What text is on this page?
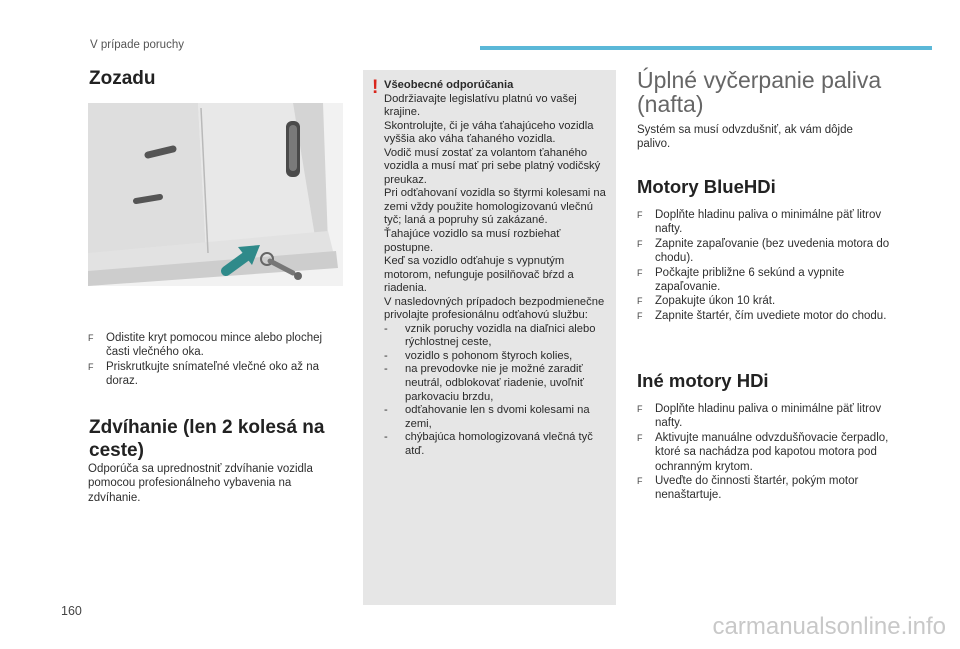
V prípade poruchy
Zozadu
F Odistite kryt pomocou mince alebo plochej časti vlečného oka.
F Priskrutkujte snímateľné vlečné oko až na doraz.
Zdvíhanie (len 2 kolesá na ceste)
Odporúča sa uprednostniť zdvíhanie vozidla pomocou profesionálneho vybavenia na zdvíhanie.
! Všeobecné odporúčania
Dodržiavajte legislatívu platnú vo vašej krajine.
Skontrolujte, či je váha ťahajúceho vozidla vyššia ako váha ťahaného vozidla.
Vodič musí zostať za volantom ťahaného vozidla a musí mať pri sebe platný vodičský preukaz.
Pri odťahovaní vozidla so štyrmi kolesami na zemi vždy použite homologizovanú vlečnú tyč; laná a popruhy sú zakázané.
Ťahajúce vozidlo sa musí rozbiehať postupne.
Keď sa vozidlo odťahuje s vypnutým motorom, nefunguje posilňovač bŕzd a riadenia.
V nasledovných prípadoch bezpodmienečne privolajte profesionálnu odťahovú službu:
- vznik poruchy vozidla na diaľnici alebo rýchlostnej ceste,
- vozidlo s pohonom štyroch kolies,
- na prevodovke nie je možné zaradiť neutrál, odblokovať riadenie, uvoľniť parkovaciu brzdu,
- odťahovanie len s dvomi kolesami na zemi,
- chýbajúca homologizovaná vlečná tyč atď.
Úplné vyčerpanie paliva (nafta)
Systém sa musí odvzdušniť, ak vám dôjde palivo.
Motory BlueHDi
F Doplňte hladinu paliva o minimálne päť litrov nafty.
F Zapnite zapaľovanie (bez uvedenia motora do chodu).
F Počkajte približne 6 sekúnd a vypnite zapaľovanie.
F Zopakujte úkon 10 krát.
F Zapnite štartér, čím uvediete motor do chodu.
Iné motory HDi
F Doplňte hladinu paliva o minimálne päť litrov nafty.
F Aktivujte manuálne odvzdušňovacie čerpadlo, ktoré sa nachádza pod kapotou motora pod ochranným krytom.
F Uveďte do činnosti štartér, pokým motor nenaštartuje.
160
carmanualsonline.info
